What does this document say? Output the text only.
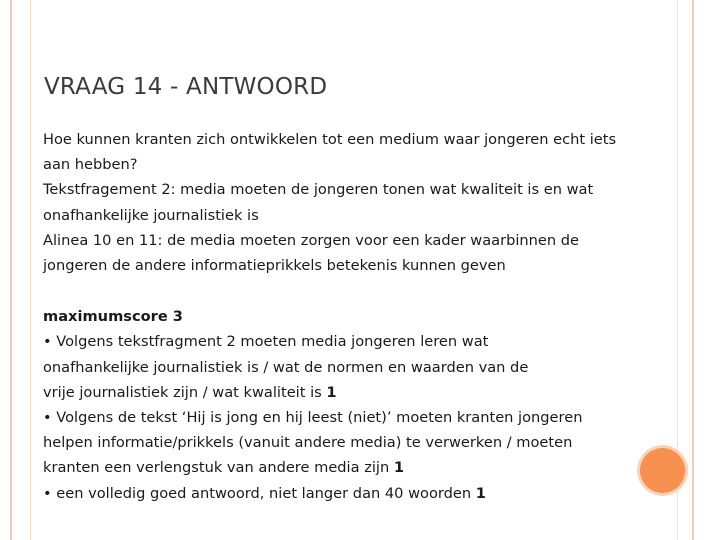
VRAAG 14 - ANTWOORD
Hoe kunnen kranten zich ontwikkelen tot een medium waar jongeren echt iets
aan hebben?
Tekstfragement 2: media moeten de jongeren tonen wat kwaliteit is en wat
onafhankelijke journalistiek is
Alinea 10 en 11: de media moeten zorgen voor een kader waarbinnen de
jongeren de andere informatieprikkels betekenis kunnen geven
maximumscore 3
• Volgens tekstfragment 2 moeten media jongeren leren wat
onafhankelijke journalistiek is / wat de normen en waarden van de
vrije journalistiek zijn / wat kwaliteit is 1
• Volgens de tekst ‘Hij is jong en hij leest (niet)’ moeten kranten jongeren
helpen informatie/prikkels (vanuit andere media) te verwerken / moeten
kranten een verlengstuk van andere media zijn 1
• een volledig goed antwoord, niet langer dan 40 woorden 1
